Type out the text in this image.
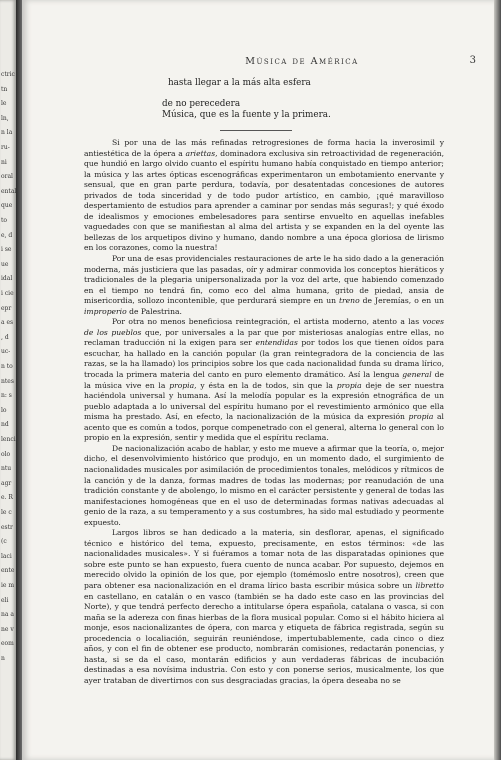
ctric
tn
le
ln,
n la
ru-
ni
oral
ental
que
to
e, d
i se
ue
idal
i cie
epr
a es
, d
uc-
n to
ntes
n: s
lo
nd
lenci
olo
ntu
agr
e. R
le c
estr
(c
laci
ente
ie m
eli
na a
ne v
eom
n
Música de América	3
hasta llegar a la más alta esfera
de no perecedera
Música, que es la fuente y la primera.

Si por una de las más refinadas retrogresiones de forma hacia la inverosimil y antiestética de la ópera a ariettas, dominadora exclusiva sin retroactividad de regeneración, que hundió en largo olvido cuanto el espíritu humano había conquistado en tiempo anterior; la música y las artes ópticas escenográficas experimentaron un embotamiento enervante y sensual, que en gran parte perdura, todavía, por desatentadas concesiones de autores privados de toda sinceridad y de todo pudor artístico, en cambio, ¡qué maravilloso despertamiento de estudios para aprender a caminar por sendas más seguras!; y qué éxodo de idealismos y emociones embelesadores para sentirse envuelto en aquellas inefables vaguedades con que se manifiestan al alma del artista y se expanden en la del oyente las bellezas de los arquetipos divino y humano, dando nombre a una época gloriosa de lirismo en los corazones, como la nuestra!

Por una de esas providenciales restauraciones de arte le ha sido dado a la generación moderna, más justiciera que las pasadas, oír y admirar conmovida los conceptos hieráticos y tradicionales de la plegaria unipersonalizada por la voz del arte, que habiendo comenzado en el tiempo no tendrá fin, como eco del alma humana, grito de piedad, ansia de misericordia, sollozo incontenible, que perdurará siempre en un treno de Jeremías, o en un improperio de Palestrina.

Por otra no menos beneficiosa reintegración, el artista moderno, atento a las voces de los pueblos que, por universales a la par que por misteriosas analogías entre ellas, no reclaman traducción ni la exigen para ser entendidas por todos los que tienen oídos para escuchar, ha hallado en la canción popular (la gran reintegradora de la conciencia de las razas, se la ha llamado) los principios sobre los que cada nacionalidad funda su drama lírico, trocada la primera materia del canto en puro elemento dramático. Así la lengua general de la música vive en la propia, y ésta en la de todos, sin que la propia deje de ser nuestra haciéndola universal y humana. Así la melodía popular es la expresión etnográfica de un pueblo adaptada a lo universal del espíritu humano por el revestimiento armónico que ella misma ha prestado. Así, en efecto, la nacionalización de la música da expresión propia al acento que es común a todos, porque compenetrado con el general, alterna lo general con lo propio en la expresión, sentir y medida que el espíritu reclama.

De nacionalización acabo de hablar, y esto me mueve a afirmar que la teoría, o, mejor dicho, el desenvolvimiento histórico que produjo, en un momento dado, el surgimiento de nacionalidades musicales por asimilación de procedimientos tonales, melódicos y rítmicos de la canción y de la danza, formas madres de todas las modernas; por reanudación de una tradición constante y de abolengo, lo mismo en el carácter persistente y general de todas las manifestaciones homogéneas que en el uso de determinadas formas nativas adecuadas al genio de la raza, a su temperamento y a sus costumbres, ha sido mal estudiado y peormente expuesto.

Largos libros se han dedicado a la materia, sin desflorar, apenas, el significado técnico e histórico del tema, expuesto, precisamente, en estos términos: «de las nacionalidades musicales». Y si fuéramos a tomar nota de las disparatadas opiniones que sobre este punto se han expuesto, fuera cuento de nunca acabar. Por supuesto, dejemos en merecido olvido la opinión de los que, por ejemplo (tomémoslo entre nosotros), creen que para obtener esa nacionalización en el drama lírico basta escribir música sobre un libretto en castellano, en catalán o en vasco (también se ha dado este caso en las provincias del Norte), y que tendrá perfecto derecho a intitularse ópera española, catalana o vasca, si con maña se la adereza con finas hierbas de la flora musical popular. Como si el hábito hiciera al monje, esos nacionalizantes de ópera, con marca y etiqueta de fábrica registrada, según su procedencia o localiación, seguirán reuniéndose, impertubablemente, cada cinco o diez años, y con el fin de obtener ese producto, nombrarán comisiones, redactarán ponencias, y hasta, si se da el caso, montarán edificios y aun verdaderas fábricas de incubación destinadas a esa novísima industria. Con esto y con ponerse serios, musicalmente, los que ayer trataban de divertirnos con sus desgraciadas gracias, la ópera deseaba no se
